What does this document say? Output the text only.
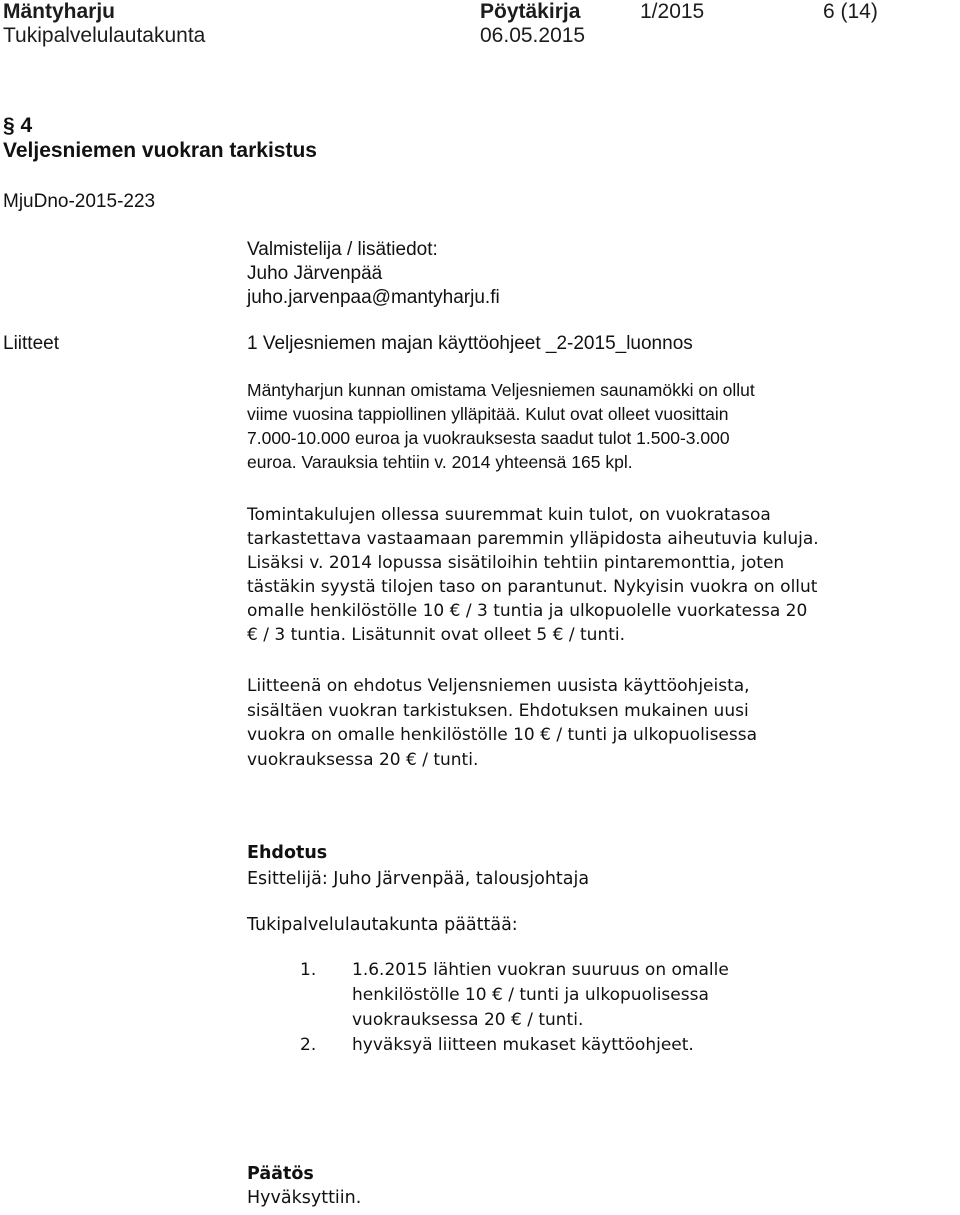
Mäntyharju
Tukipalvelulautakunta
Pöytäkirja
06.05.2015
1/2015	6 (14)
§ 4
Veljesniemen vuokran tarkistus
MjuDno-2015-223
Valmistelija / lisätiedot:
Juho Järvenpää
juho.jarvenpaa@mantyharju.fi
Liitteet	1 Veljesniemen majan käyttöohjeet _2-2015_luonnos
Mäntyharjun kunnan omistama Veljesniemen saunamökki on ollut
viime vuosina tappiollinen ylläpitää. Kulut ovat olleet vuosittain
7.000-10.000 euroa ja vuokrauksesta saadut tulot 1.500-3.000
euroa. Varauksia tehtiin v. 2014 yhteensä 165 kpl.
Tomintakulujen ollessa suuremmat kuin tulot, on vuokratasoa
tarkastettava vastaamaan paremmin ylläpidosta aiheutuvia kuluja.
Lisäksi v. 2014 lopussa sisätiloihin tehtiin pintaremonttia, joten
tästäkin syystä tilojen taso on parantunut. Nykyisin vuokra on ollut
omalle henkilöstölle 10 € / 3 tuntia ja ulkopuolelle vuorkatessa 20
€ / 3 tuntia. Lisätunnit ovat olleet 5 € / tunti.
Liitteenä on ehdotus Veljensniemen uusista käyttöohjeista,
sisältäen vuokran tarkistuksen. Ehdotuksen mukainen uusi
vuokra on omalle henkilöstölle 10 € / tunti ja ulkopuolisessa
vuokrauksessa 20 € / tunti.
Ehdotus
Esittelijä: Juho Järvenpää, talousjohtaja
Tukipalvelulautakunta päättää:
1. 1.6.2015 lähtien vuokran suuruus on omalle
henkilöstölle 10 € / tunti ja ulkopuolisessa
vuokrauksessa 20 € / tunti.
2. hyväksyä liitteen mukaset käyttöohjeet.
Päätös
Hyväksyttiin.
